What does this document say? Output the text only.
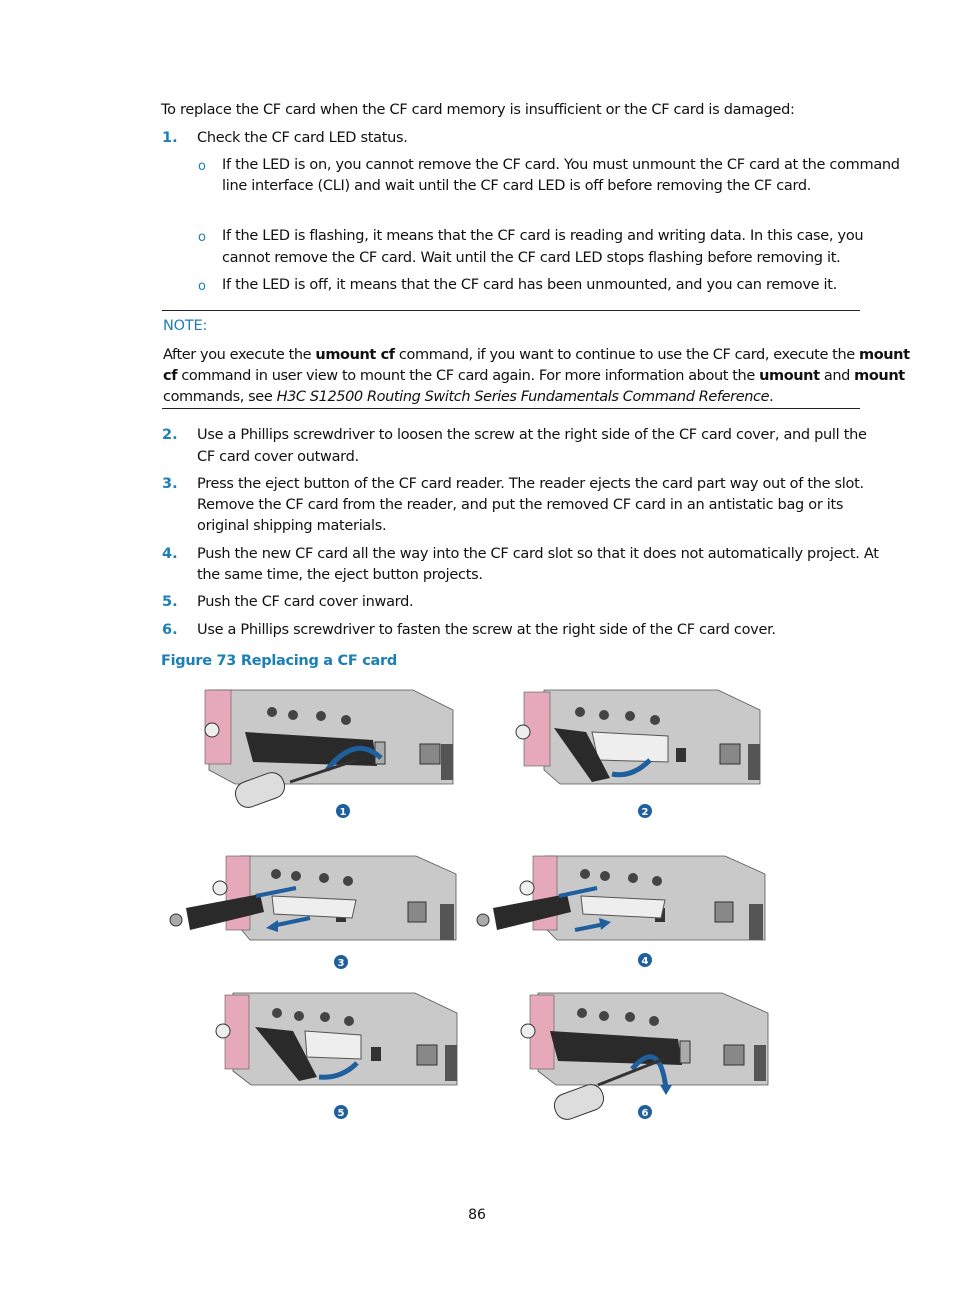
To replace the CF card when the CF card memory is insufficient or the CF card is damaged:
1. Check the CF card LED status.
o If the LED is on, you cannot remove the CF card. You must unmount the CF card at the command
line interface (CLI) and wait until the CF card LED is off before removing the CF card.
o If the LED is flashing, it means that the CF card is reading and writing data. In this case, you
cannot remove the CF card. Wait until the CF card LED stops flashing before removing it.
o If the LED is off, it means that the CF card has been unmounted, and you can remove it.
NOTE:
After you execute the umount cf command, if you want to continue to use the CF card, execute the mount
cf command in user view to mount the CF card again. For more information about the umount and mount
commands, see H3C S12500 Routing Switch Series Fundamentals Command Reference.
2. Use a Phillips screwdriver to loosen the screw at the right side of the CF card cover, and pull the
CF card cover outward.
3. Press the eject button of the CF card reader. The reader ejects the card part way out of the slot.
Remove the CF card from the reader, and put the removed CF card in an antistatic bag or its
original shipping materials.
4. Push the new CF card all the way into the CF card slot so that it does not automatically project. At
the same time, the eject button projects.
5. Push the CF card cover inward.
6. Use a Phillips screwdriver to fasten the screw at the right side of the CF card cover.
Figure 73 Replacing a CF card
1	2
3	4
5	6
86
